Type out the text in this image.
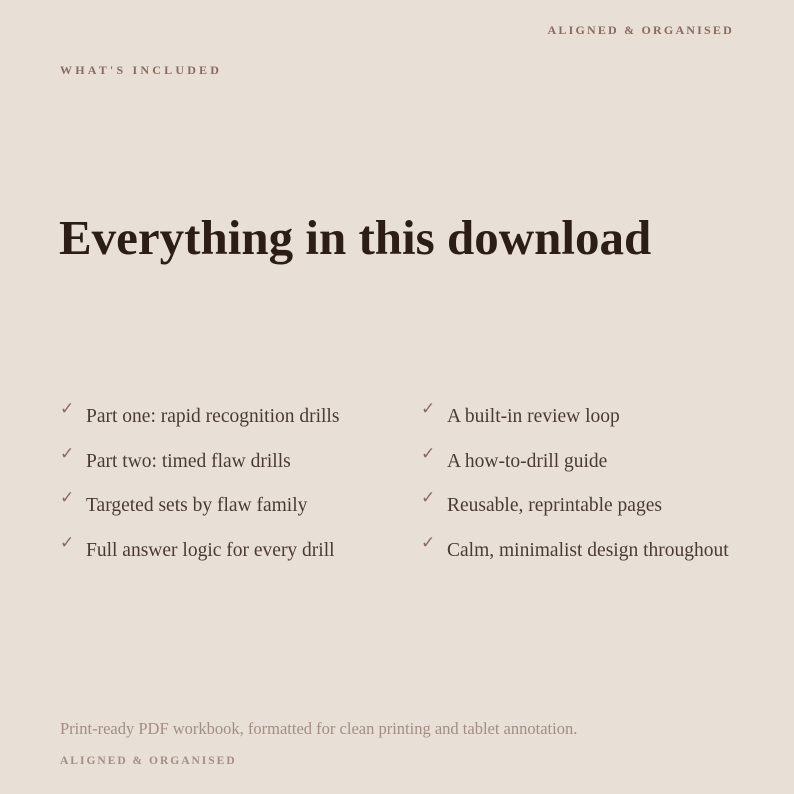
ALIGNED & ORGANISED
WHAT'S INCLUDED
Everything in this download
✓ Part one: rapid recognition drills	✓ A built-in review loop
✓ Part two: timed flaw drills	✓ A how-to-drill guide
✓ Targeted sets by flaw family	✓ Reusable, reprintable pages
✓ Full answer logic for every drill	✓ Calm, minimalist design throughout
Print-ready PDF workbook, formatted for clean printing and tablet annotation.
ALIGNED & ORGANISED
